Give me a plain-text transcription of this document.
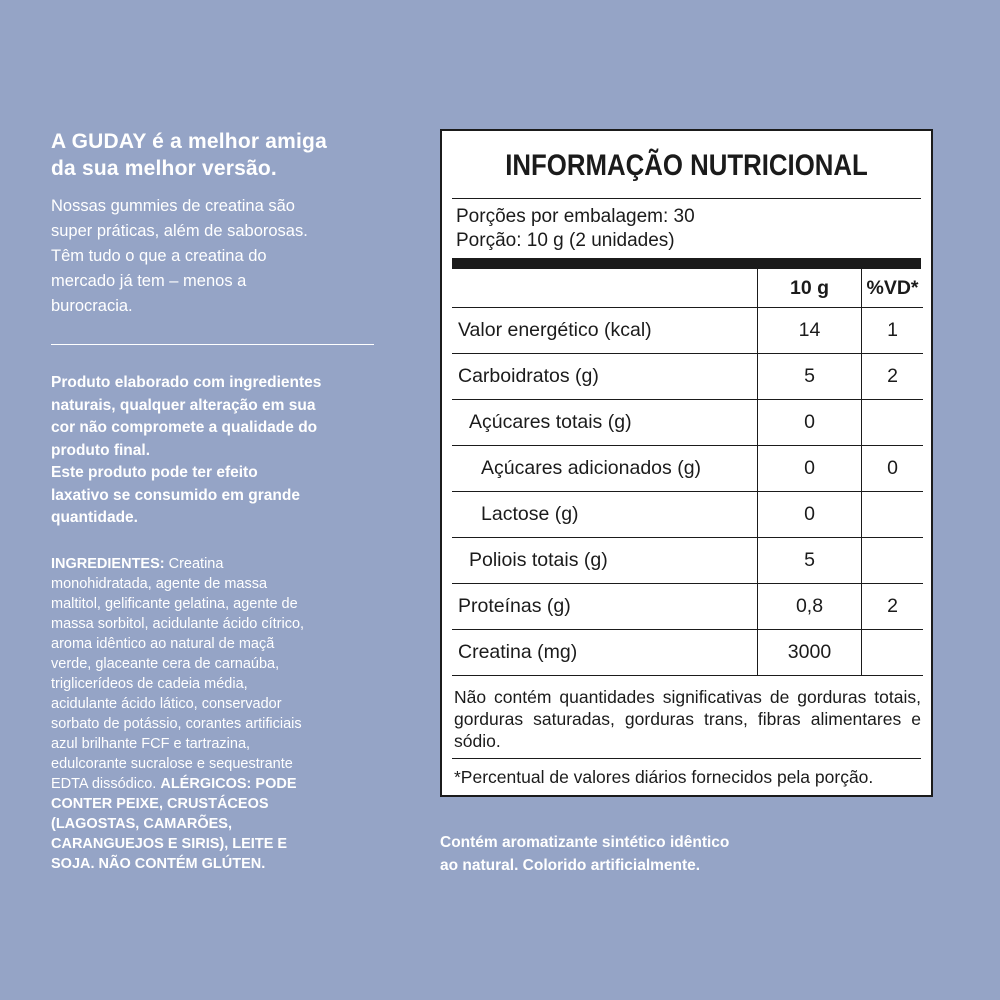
A GUDAY é a melhor amiga
da sua melhor versão.

Nossas gummies de creatina são
super práticas, além de saborosas.
Têm tudo o que a creatina do
mercado já tem – menos a
burocracia.

Produto elaborado com ingredientes
naturais, qualquer alteração em sua
cor não compromete a qualidade do
produto final.

Este produto pode ter efeito
laxativo se consumido em grande
quantidade.

INGREDIENTES: Creatina
monohidratada, agente de massa
maltitol, gelificante gelatina, agente de
massa sorbitol, acidulante ácido cítrico,
aroma idêntico ao natural de maçã
verde, glaceante cera de carnaúba,
triglicerídeos de cadeia média,
acidulante ácido lático, conservador
sorbato de potássio, corantes artificiais
azul brilhante FCF e tartrazina,
edulcorante sucralose e sequestrante
EDTA dissódico. ALÉRGICOS: PODE
CONTER PEIXE, CRUSTÁCEOS
(LAGOSTAS, CAMARÕES,
CARANGUEJOS E SIRIS), LEITE E
SOJA. NÃO CONTÉM GLÚTEN.
INFORMAÇÃO NUTRICIONAL
Porções por embalagem: 30
Porção: 10 g (2 unidades)
	10 g	%VD*
Valor energético (kcal)	14	1
Carboidratos (g)	5	2
Açúcares totais (g)	0	
Açúcares adicionados (g)	0	0
Lactose (g)	0	
Poliois totais (g)	5	
Proteínas (g)	0,8	2
Creatina (mg)	3000	
Não contém quantidades significativas de gorduras totais, gorduras saturadas, gorduras trans, fibras alimentares e sódio.
*Percentual de valores diários fornecidos pela porção.
Contém aromatizante sintético idêntico
ao natural. Colorido artificialmente.
